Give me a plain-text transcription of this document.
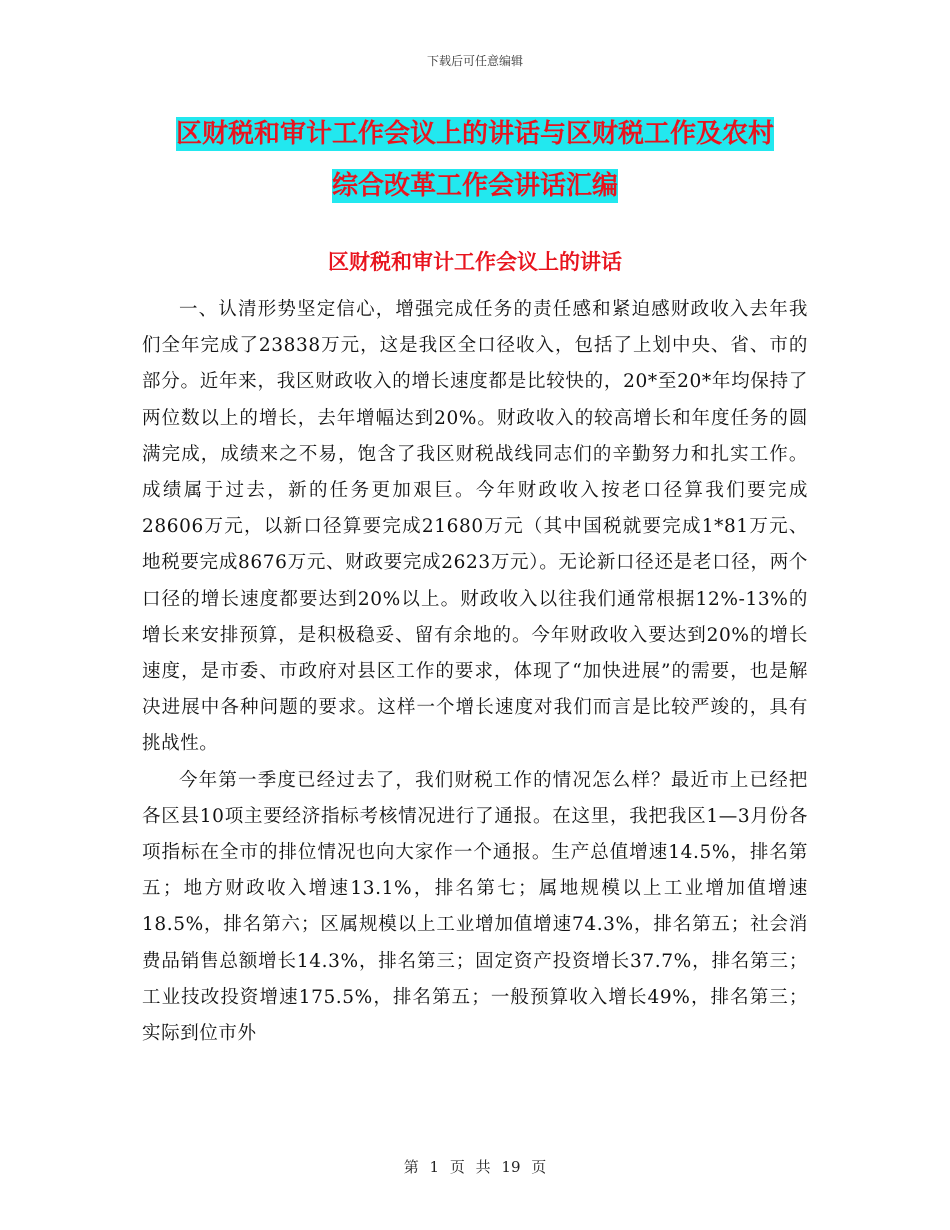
下载后可任意编辑
区财税和审计工作会议上的讲话与区财税工作及农村
综合改革工作会讲话汇编
区财税和审计工作会议上的讲话

一、认清形势坚定信心，增强完成任务的责任感和紧迫感财政收入去年我们全年完成了23838万元，这是我区全口径收入，包括了上划中央、省、市的部分。近年来，我区财政收入的增长速度都是比较快的，20*至20*年均保持了两位数以上的增长，去年增幅达到20%。财政收入的较高增长和年度任务的圆满完成，成绩来之不易，饱含了我区财税战线同志们的辛勤努力和扎实工作。成绩属于过去，新的任务更加艰巨。今年财政收入按老口径算我们要完成28606万元，以新口径算要完成21680万元（其中国税就要完成1*81万元、地税要完成8676万元、财政要完成2623万元）。无论新口径还是老口径，两个口径的增长速度都要达到20%以上。财政收入以往我们通常根据12%-13%的增长来安排预算，是积极稳妥、留有余地的。今年财政收入要达到20%的增长速度，是市委、市政府对县区工作的要求，体现了“加快进展”的需要，也是解决进展中各种问题的要求。这样一个增长速度对我们而言是比较严竣的，具有挑战性。

今年第一季度已经过去了，我们财税工作的情况怎么样？最近市上已经把各区县10项主要经济指标考核情况进行了通报。在这里，我把我区1—3月份各项指标在全市的排位情况也向大家作一个通报。生产总值增速14.5%，排名第五；地方财政收入增速13.1%，排名第七；属地规模以上工业增加值增速18.5%，排名第六；区属规模以上工业增加值增速74.3%，排名第五；社会消费品销售总额增长14.3%，排名第三；固定资产投资增长37.7%，排名第三；工业技改投资增速175.5%，排名第五；一般预算收入增长49%，排名第三；实际到位市外

第 1 页 共 19 页
